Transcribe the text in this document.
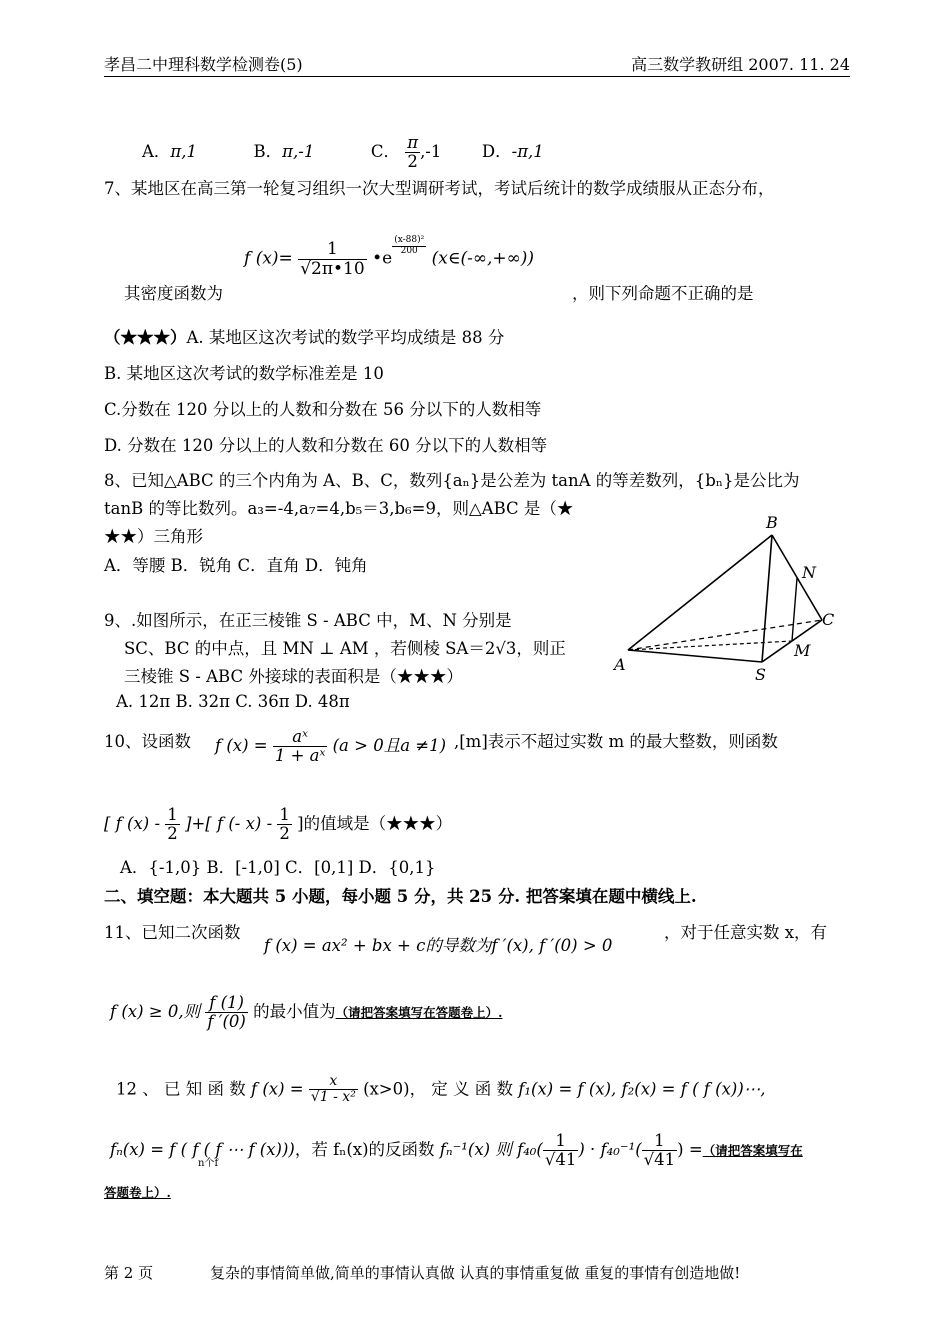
孝昌二中理科数学检测卷(5)	高三数学教研组 2007. 11. 24
A．π,1	B．π,-1	C． $\frac{\pi}{2} ,-1$ D．-π,1
7、某地区在高三第一轮复习组织一次大型调研考试，考试后统计的数学成绩服从正态分布，
其密度函数为
f $(x)= \frac{1}{√2\pi•10}$ •e
$\frac{\text{(x-88)²}}{200}$
(x∈(-∞,+∞))
，则下列命题不正确的是
（★★★）A. 某地区这次考试的数学平均成绩是 88 分
B. 某地区这次考试的数学标准差是 10
C.分数在 120 分以上的人数和分数在 56 分以下的人数相等
D. 分数在 120 分以上的人数和分数在 60 分以下的人数相等
8、已知△ABC 的三个内角为 A、B、C，数列{aₙ}是公差为 tanA 的等差数列，{bₙ}是公比为
tanB 的等比数列。a₃=-4,a₇=4,b₅＝3,b₆=9，则△ABC 是（★
★★）三角形
A．等腰 B．锐角 C．直角 D．钝角
B
N
C
A
S
M
9、.如图所示，在正三棱锥 S - ABC 中，M、N 分别是
SC、BC 的中点，且 MN ⊥ AM ，若侧棱 SA＝2√3，则正
三棱锥 S - ABC 外接球的表面积是（★★★）
A. 12π B. 32π C. 36π D. 48π
10、设函数 f $(x) = \frac{\text{aˣ}}{\text{1 + aˣ}} (a > 0$且a ≠1) ,[m]表示不超过实数 m 的最大整数，则函数
[ f $(x) - \frac{1}{2}$ ]+[ f (- $x) - \frac{1}{2}$ ]的值域是（★★★）
A．{-1,0} B．[-1,0] C．[0,1] D．{0,1}
二、填空题：本大题共 5 小题，每小题 5 分，共 25 分. 把答案填在题中横线上.
11、已知二次函数
f (x) = ax² + bx + c的导数为f ′(x), f ′(0) > 0
，对于任意实数 x，有
f (x) ≥ 0,则 $\frac{f (1)}{f '(0)}$ 的最小值为（请把答案填写在答题卷上）.
12 、 已 知 函 数 f $(x) = \frac{x}{\text{√1 - x²}} (x>0)$， 定 义 函 数 f₁(x) = f (x), f₂(x) = f ( f (x))⋯,
fₙ(x) = f ( f ( f ⋯ f (x)))，若 fₙ(x)的反函数 fₙ⁻¹(x) 则 $f_{40}( \frac{1}{√41}$ ) · $f_{40}^{-1}( \frac{1}{√41}$ ) =（请把答案填写在
n个f
答题卷上）.
第 2 页	复杂的事情简单做,简单的事情认真做 认真的事情重复做 重复的事情有创造地做!
